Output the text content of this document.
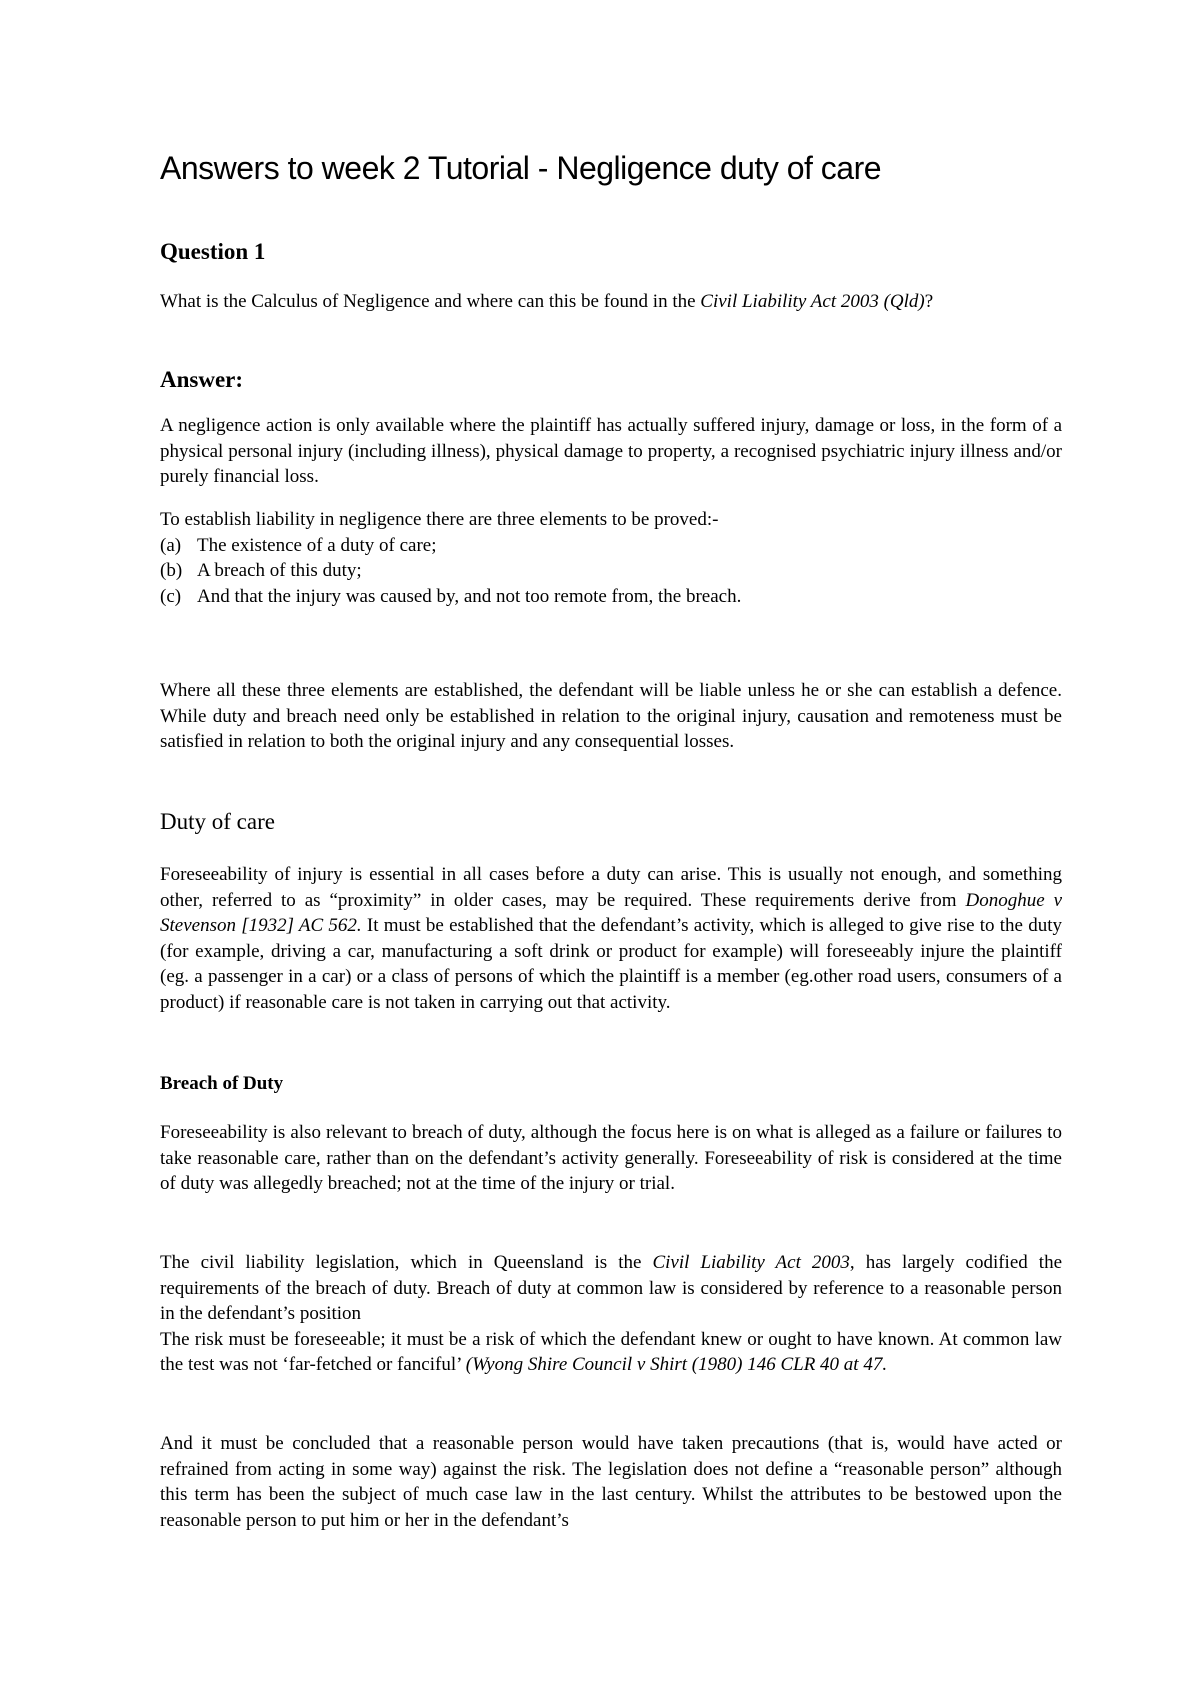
Answers to week 2 Tutorial - Negligence duty of care
Question 1

What is the Calculus of Negligence and where can this be found in the Civil Liability Act 2003 (Qld)?

Answer:

A negligence action is only available where the plaintiff has actually suffered injury, damage or loss, in the form of a physical personal injury (including illness), physical damage to property, a recognised psychiatric injury illness and/or purely financial loss.

To establish liability in negligence there are three elements to be proved:-
(a) The existence of a duty of care;
(b) A breach of this duty;
(c) And that the injury was caused by, and not too remote from, the breach.

Where all these three elements are established, the defendant will be liable unless he or she can establish a defence. While duty and breach need only be established in relation to the original injury, causation and remoteness must be satisfied in relation to both the original injury and any consequential losses.

Duty of care

Foreseeability of injury is essential in all cases before a duty can arise. This is usually not enough, and something other, referred to as “proximity” in older cases, may be required. These requirements derive from Donoghue v Stevenson [1932] AC 562. It must be established that the defendant’s activity, which is alleged to give rise to the duty (for example, driving a car, manufacturing a soft drink or product for example) will foreseeably injure the plaintiff (eg. a passenger in a car) or a class of persons of which the plaintiff is a member (eg.other road users, consumers of a product) if reasonable care is not taken in carrying out that activity.

Breach of Duty

Foreseeability is also relevant to breach of duty, although the focus here is on what is alleged as a failure or failures to take reasonable care, rather than on the defendant’s activity generally. Foreseeability of risk is considered at the time of duty was allegedly breached; not at the time of the injury or trial.

The civil liability legislation, which in Queensland is the Civil Liability Act 2003, has largely codified the requirements of the breach of duty. Breach of duty at common law is considered by reference to a reasonable person in the defendant’s position
The risk must be foreseeable; it must be a risk of which the defendant knew or ought to have known. At common law the test was not ‘far-fetched or fanciful’ (Wyong Shire Council v Shirt (1980) 146 CLR 40 at 47.

And it must be concluded that a reasonable person would have taken precautions (that is, would have acted or refrained from acting in some way) against the risk. The legislation does not define a “reasonable person” although this term has been the subject of much case law in the last century. Whilst the attributes to be bestowed upon the reasonable person to put him or her in the defendant’s
